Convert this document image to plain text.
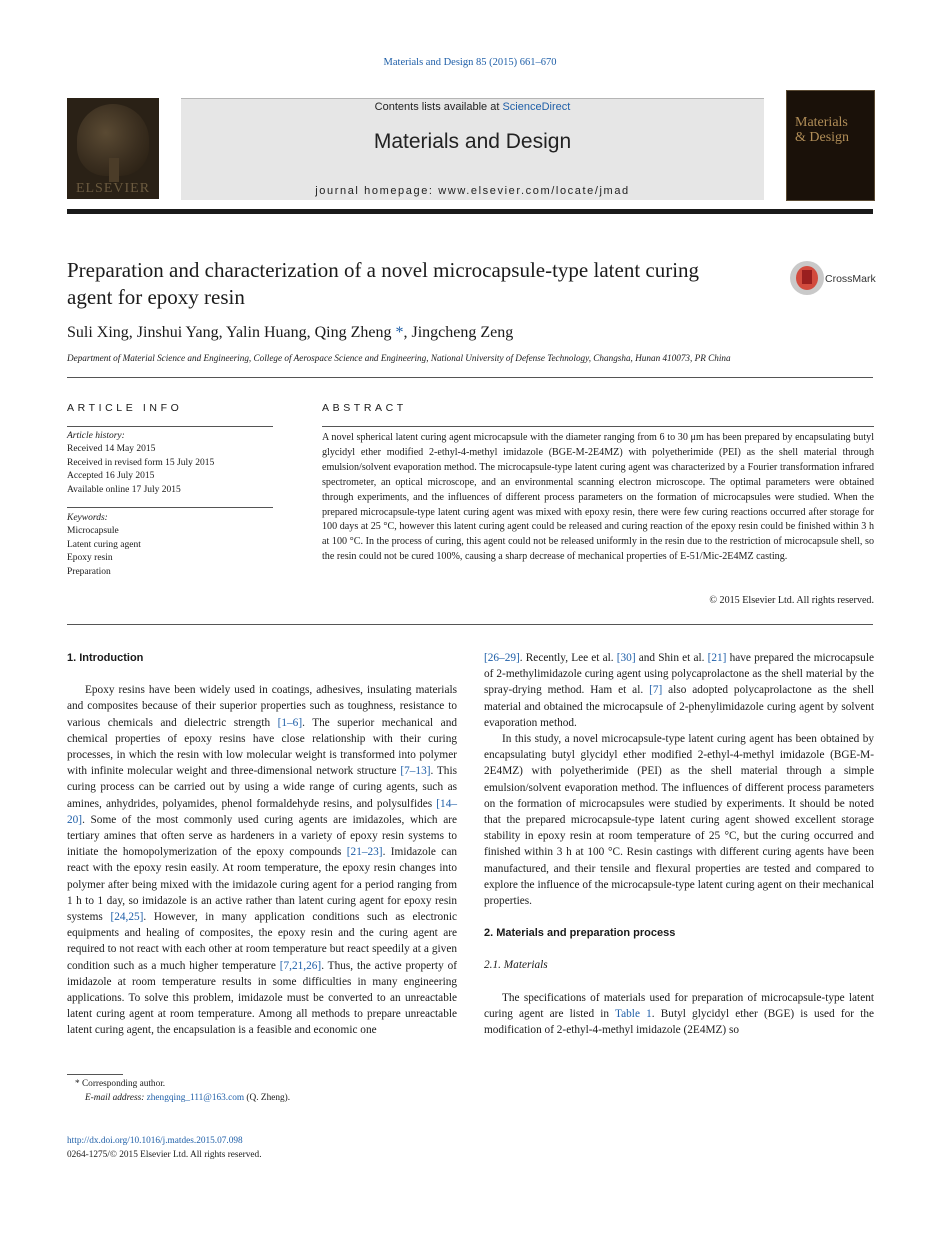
Materials and Design 85 (2015) 661–670
ELSEVIER
Contents lists available at ScienceDirect
Materials and Design
journal homepage: www.elsevier.com/locate/jmad
Materials
& Design
Preparation and characterization of a novel microcapsule-type latent curing agent for epoxy resin
CrossMark
Suli Xing, Jinshui Yang, Yalin Huang, Qing Zheng *, Jingcheng Zeng
Department of Material Science and Engineering, College of Aerospace Science and Engineering, National University of Defense Technology, Changsha, Hunan 410073, PR China
ARTICLE INFO
Article history:
Received 14 May 2015
Received in revised form 15 July 2015
Accepted 16 July 2015
Available online 17 July 2015
Keywords:
Microcapsule
Latent curing agent
Epoxy resin
Preparation
ABSTRACT
A novel spherical latent curing agent microcapsule with the diameter ranging from 6 to 30 μm has been prepared by encapsulating butyl glycidyl ether modified 2-ethyl-4-methyl imidazole (BGE-M-2E4MZ) with polyetherimide (PEI) as the shell material through emulsion/solvent evaporation method. The microcapsule-type latent curing agent was characterized by a Fourier transformation infrared spectrometer, an optical microscope, and an environmental scanning electron microscope. The optimal parameters were obtained through experiments, and the influences of different process parameters on the formation of microcapsules were studied. When the prepared microcapsule-type latent curing agent was mixed with epoxy resin, there were few curing reactions occurred after storage for 100 days at 25 °C, however this latent curing agent could be released and curing reaction of the epoxy resin could be finished within 3 h at 100 °C. In the process of curing, this agent could not be released uniformly in the resin due to the restriction of microcapsule shell, so the resin could not be cured 100%, causing a sharp decrease of mechanical properties of E-51/Mic-2E4MZ casting.
© 2015 Elsevier Ltd. All rights reserved.
1. Introduction

Epoxy resins have been widely used in coatings, adhesives, insulating materials and composites because of their superior properties such as toughness, resistance to various chemicals and dielectric strength [1–6]. The superior mechanical and chemical properties of epoxy resins have close relationship with their curing processes, in which the resin with low molecular weight is transformed into polymer with infinite molecular weight and three-dimensional network structure [7–13]. This curing process can be carried out by using a wide range of curing agents, such as amines, anhydrides, polyamides, phenol formaldehyde resins, and polysulfides [14–20]. Some of the most commonly used curing agents are imidazoles, which are tertiary amines that often serve as hardeners in a variety of epoxy resin systems to initiate the homopolymerization of the epoxy compounds [21–23]. Imidazole can react with the epoxy resin easily. At room temperature, the epoxy resin changes into polymer after being mixed with the imidazole curing agent for a period ranging from 1 h to 1 day, so imidazole is an active rather than latent curing agent for epoxy resin systems [24,25]. However, in many application conditions such as electronic equipments and healing of composites, the epoxy resin and the curing agent are required to not react with each other at room temperature but react speedily at a given condition such as a much higher temperature [7,21,26]. Thus, the active property of imidazole at room temperature results in some difficulties in many engineering applications. To solve this problem, imidazole must be converted to an unreactable latent curing agent at room temperature. Among all methods to prepare unreactable latent curing agent, the encapsulation is a feasible and economic one

[26–29]. Recently, Lee et al. [30] and Shin et al. [21] have prepared the microcapsule of 2-methylimidazole curing agent using polycaprolactone as the shell material by the spray-drying method. Ham et al. [7] also adopted polycaprolactone as the shell material and obtained the microcapsule of 2-phenylimidazole curing agent by solvent evaporation method.

In this study, a novel microcapsule-type latent curing agent has been obtained by encapsulating butyl glycidyl ether modified 2-ethyl-4-methyl imidazole (BGE-M-2E4MZ) with polyetherimide (PEI) as the shell material through a simple emulsion/solvent evaporation method. The influences of different process parameters on the formation of microcapsules were studied by experiments. It should be noted that the prepared microcapsule-type latent curing agent showed excellent storage stability in epoxy resin at room temperature of 25 °C, but the curing occurred and finished within 3 h at 100 °C. Resin castings with different curing agents have been manufactured, and their tensile and flexural properties are tested and compared to explore the influence of the microcapsule-type latent curing agent on their mechanical properties.

2. Materials and preparation process
2.1. Materials

The specifications of materials used for preparation of microcapsule-type latent curing agent are listed in Table 1. Butyl glycidyl ether (BGE) is used for the modification of 2-ethyl-4-methyl imidazole (2E4MZ) so

* Corresponding author.
E-mail address: zhengqing_111@163.com (Q. Zheng).
http://dx.doi.org/10.1016/j.matdes.2015.07.098
0264-1275/© 2015 Elsevier Ltd. All rights reserved.
